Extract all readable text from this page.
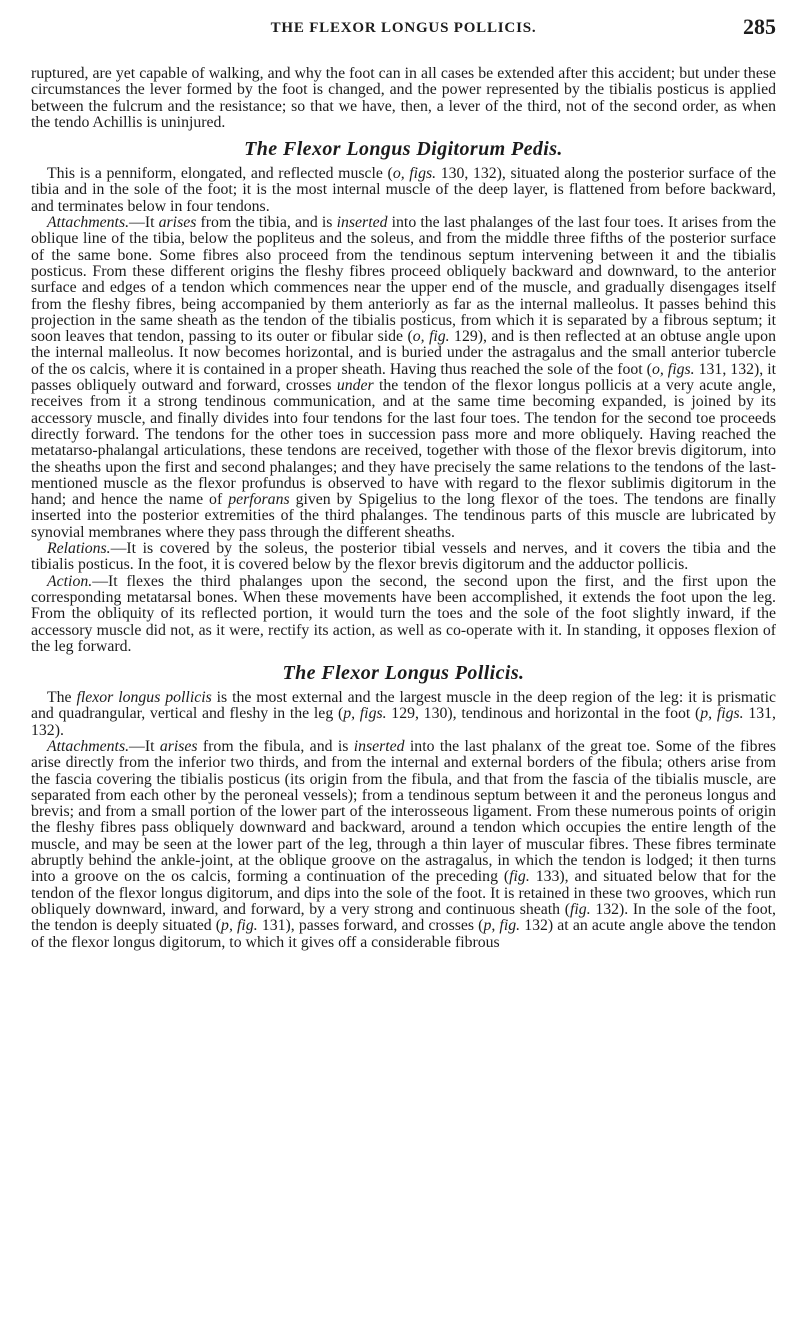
THE FLEXOR LONGUS POLLICIS.	285

ruptured, are yet capable of walking, and why the foot can in all cases be extended after this accident; but under these circumstances the lever formed by the foot is changed, and the power represented by the tibialis posticus is applied between the fulcrum and the resistance; so that we have, then, a lever of the third, not of the second order, as when the tendo Achillis is uninjured.

The Flexor Longus Digitorum Pedis.

This is a penniform, elongated, and reflected muscle (o, figs. 130, 132), situated along the posterior surface of the tibia and in the sole of the foot; it is the most internal muscle of the deep layer, is flattened from before backward, and terminates below in four tendons.

Attachments.—It arises from the tibia, and is inserted into the last phalanges of the last four toes. It arises from the oblique line of the tibia, below the popliteus and the soleus, and from the middle three fifths of the posterior surface of the same bone. Some fibres also proceed from the tendinous septum intervening between it and the tibialis posticus. From these different origins the fleshy fibres proceed obliquely backward and downward, to the anterior surface and edges of a tendon which commences near the upper end of the muscle, and gradually disengages itself from the fleshy fibres, being accompanied by them anteriorly as far as the internal malleolus. It passes behind this projection in the same sheath as the tendon of the tibialis posticus, from which it is separated by a fibrous septum; it soon leaves that tendon, passing to its outer or fibular side (o, fig. 129), and is then reflected at an obtuse angle upon the internal malleolus. It now becomes horizontal, and is buried under the astragalus and the small anterior tubercle of the os calcis, where it is contained in a proper sheath. Having thus reached the sole of the foot (o, figs. 131, 132), it passes obliquely outward and forward, crosses under the tendon of the flexor longus pollicis at a very acute angle, receives from it a strong tendinous communication, and at the same time becoming expanded, is joined by its accessory muscle, and finally divides into four tendons for the last four toes. The tendon for the second toe proceeds directly forward. The tendons for the other toes in succession pass more and more obliquely. Having reached the metatarso-phalangal articulations, these tendons are received, together with those of the flexor brevis digitorum, into the sheaths upon the first and second phalanges; and they have precisely the same relations to the tendons of the last-mentioned muscle as the flexor profundus is observed to have with regard to the flexor sublimis digitorum in the hand; and hence the name of perforans given by Spigelius to the long flexor of the toes. The tendons are finally inserted into the posterior extremities of the third phalanges. The tendinous parts of this muscle are lubricated by synovial membranes where they pass through the different sheaths.

Relations.—It is covered by the soleus, the posterior tibial vessels and nerves, and it covers the tibia and the tibialis posticus. In the foot, it is covered below by the flexor brevis digitorum and the adductor pollicis.

Action.—It flexes the third phalanges upon the second, the second upon the first, and the first upon the corresponding metatarsal bones. When these movements have been accomplished, it extends the foot upon the leg. From the obliquity of its reflected portion, it would turn the toes and the sole of the foot slightly inward, if the accessory muscle did not, as it were, rectify its action, as well as co-operate with it. In standing, it opposes flexion of the leg forward.

The Flexor Longus Pollicis.

The flexor longus pollicis is the most external and the largest muscle in the deep region of the leg: it is prismatic and quadrangular, vertical and fleshy in the leg (p, figs. 129, 130), tendinous and horizontal in the foot (p, figs. 131, 132).

Attachments.—It arises from the fibula, and is inserted into the last phalanx of the great toe. Some of the fibres arise directly from the inferior two thirds, and from the internal and external borders of the fibula; others arise from the fascia covering the tibialis posticus (its origin from the fibula, and that from the fascia of the tibialis muscle, are separated from each other by the peroneal vessels); from a tendinous septum between it and the peroneus longus and brevis; and from a small portion of the lower part of the interosseous ligament. From these numerous points of origin the fleshy fibres pass obliquely downward and backward, around a tendon which occupies the entire length of the muscle, and may be seen at the lower part of the leg, through a thin layer of muscular fibres. These fibres terminate abruptly behind the ankle-joint, at the oblique groove on the astragalus, in which the tendon is lodged; it then turns into a groove on the os calcis, forming a continuation of the preceding (fig. 133), and situated below that for the tendon of the flexor longus digitorum, and dips into the sole of the foot. It is retained in these two grooves, which run obliquely downward, inward, and forward, by a very strong and continuous sheath (fig. 132). In the sole of the foot, the tendon is deeply situated (p, fig. 131), passes forward, and crosses (p, fig. 132) at an acute angle above the tendon of the flexor longus digitorum, to which it gives off a considerable fibrous
